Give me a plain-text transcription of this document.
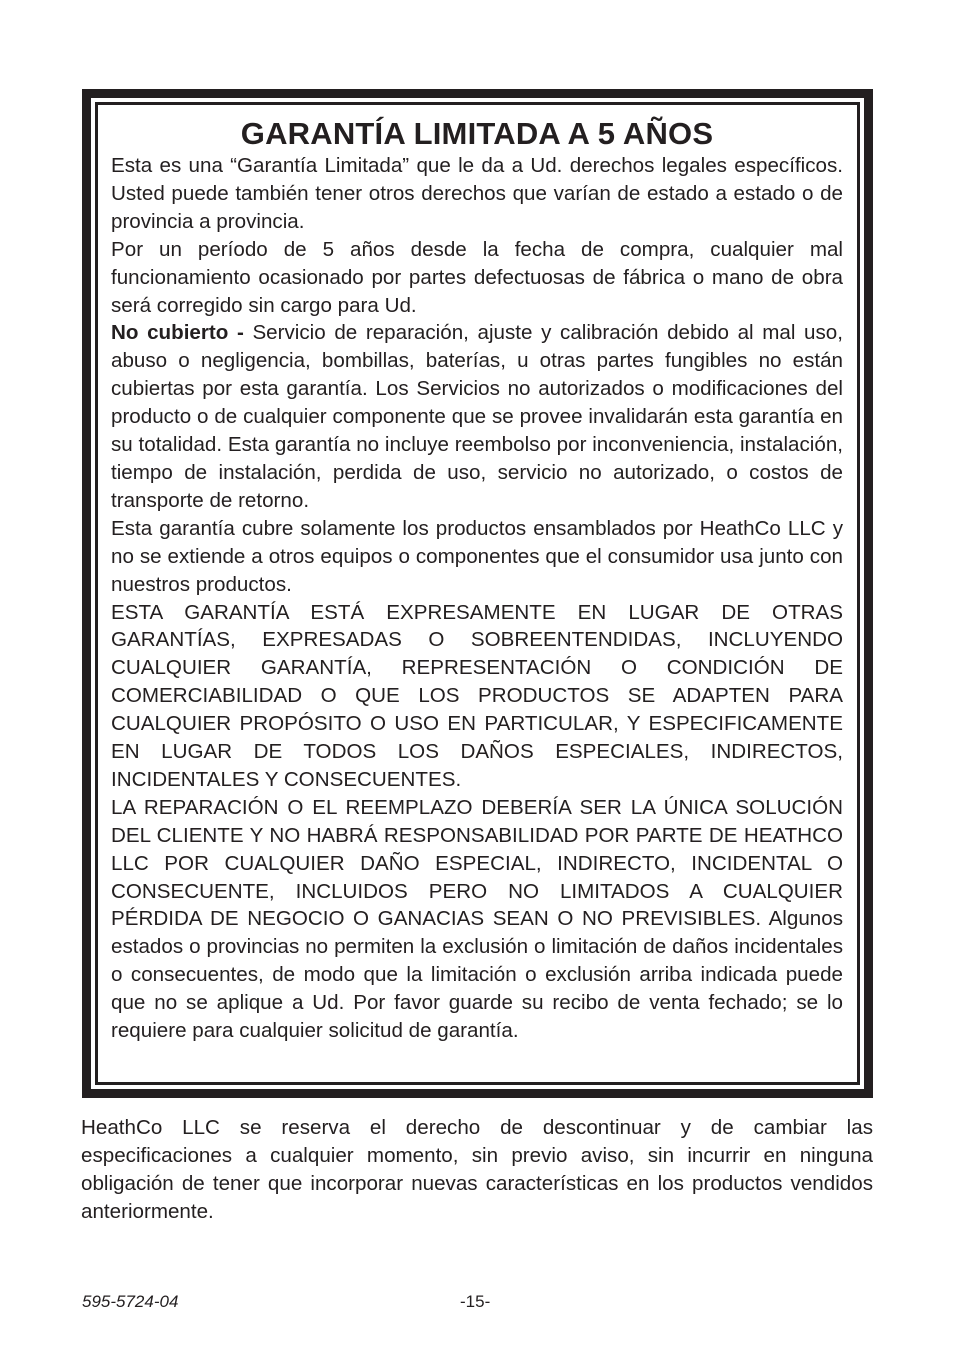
GARANTÍA LIMITADA A 5 AÑOS

Esta es una “Garantía Limitada” que le da a Ud. derechos legales específicos. Usted puede también tener otros derechos que varían de estado a estado o de provincia a provincia.

Por un período de 5 años desde la fecha de compra, cualquier mal funcionamiento ocasionado por partes defectuosas de fábrica o mano de obra será corregido sin cargo para Ud.

No cubierto - Servicio de reparación, ajuste y calibración debido al mal uso, abuso o negligencia, bombillas, baterías, u otras partes fungibles no están cubiertas por esta garantía. Los Servicios no autorizados o modificaciones del producto o de cualquier componente que se provee invalidarán esta garantía en su totalidad. Esta garantía no incluye reembolso por inconveniencia, instalación, tiempo de instalación, perdida de uso, servicio no autorizado, o costos de transporte de retorno.

Esta garantía cubre solamente los productos ensamblados por HeathCo LLC y no se extiende a otros equipos o componentes que el consumidor usa junto con nuestros productos.

ESTA GARANTÍA ESTÁ EXPRESAMENTE EN LUGAR DE OTRAS GARANTÍAS, EXPRESADAS O SOBREENTENDIDAS, INCLUYENDO CUALQUIER GARANTÍA, REPRESENTACIÓN O CONDICIÓN DE COMERCIABILIDAD O QUE LOS PRODUCTOS SE ADAPTEN PARA CUALQUIER PROPÓSITO O USO EN PARTICULAR, Y ESPECIFICAMENTE EN LUGAR DE TODOS LOS DAÑOS ESPECIALES, INDIRECTOS, INCIDENTALES Y CONSECUENTES.

LA REPARACIÓN O EL REEMPLAZO DEBERÍA SER LA ÚNICA SOLUCIÓN DEL CLIENTE Y NO HABRÁ RESPONSABILIDAD POR PARTE DE HEATHCO LLC POR CUALQUIER DAÑO ESPECIAL, INDIRECTO, INCIDENTAL O CONSECUENTE, INCLUIDOS PERO NO LIMITADOS A CUALQUIER PÉRDIDA DE NEGOCIO O GANACIAS SEAN O NO PREVISIBLES. Algunos estados o provincias no permiten la exclusión o limitación de daños incidentales o consecuentes, de modo que la limitación o exclusión arriba indicada puede que no se aplique a Ud. Por favor guarde su recibo de venta fechado; se lo requiere para cualquier solicitud de garantía.

HeathCo LLC se reserva el derecho de descontinuar y de cambiar las especificaciones a cualquier momento, sin previo aviso, sin incurrir en ninguna obligación de tener que incorporar nuevas características en los productos vendidos anteriormente.

595-5724-04	-15-
